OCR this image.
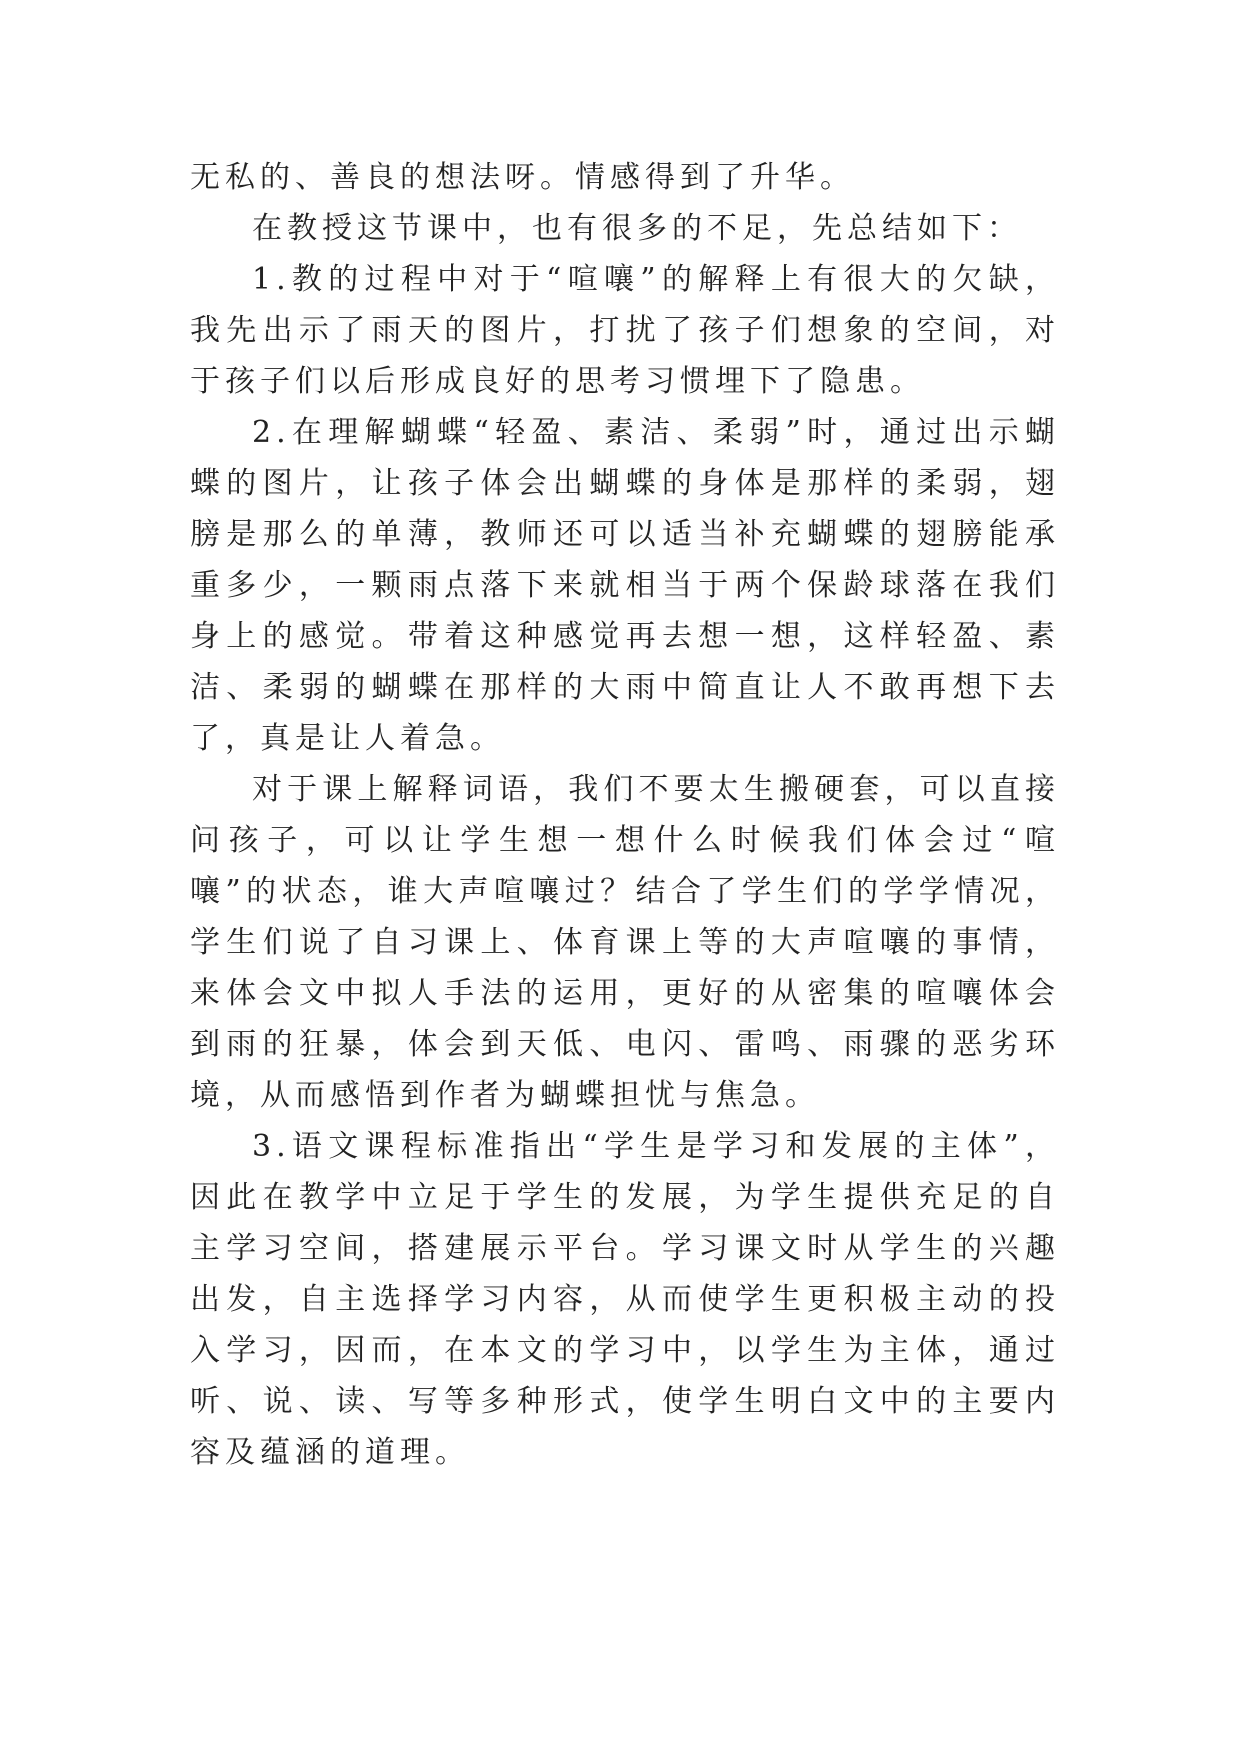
无私的、善良的想法呀。情感得到了升华。

在教授这节课中，也有很多的不足，先总结如下：

1.教的过程中对于“喧嚷”的解释上有很大的欠缺，我先出示了雨天的图片，打扰了孩子们想象的空间，对于孩子们以后形成良好的思考习惯埋下了隐患。

2.在理解蝴蝶“轻盈、素洁、柔弱”时，通过出示蝴蝶的图片，让孩子体会出蝴蝶的身体是那样的柔弱，翅膀是那么的单薄，教师还可以适当补充蝴蝶的翅膀能承重多少，一颗雨点落下来就相当于两个保龄球落在我们身上的感觉。带着这种感觉再去想一想，这样轻盈、素洁、柔弱的蝴蝶在那样的大雨中简直让人不敢再想下去了，真是让人着急。

对于课上解释词语，我们不要太生搬硬套，可以直接问孩子，可以让学生想一想什么时候我们体会过“喧嚷”的状态，谁大声喧嚷过？结合了学生们的学学情况，学生们说了自习课上、体育课上等的大声喧嚷的事情，来体会文中拟人手法的运用，更好的从密集的喧嚷体会到雨的狂暴，体会到天低、电闪、雷鸣、雨骤的恶劣环境，从而感悟到作者为蝴蝶担忧与焦急。

3.语文课程标准指出“学生是学习和发展的主体”，因此在教学中立足于学生的发展，为学生提供充足的自主学习空间，搭建展示平台。学习课文时从学生的兴趣出发，自主选择学习内容，从而使学生更积极主动的投入学习，因而，在本文的学习中，以学生为主体，通过听、说、读、写等多种形式，使学生明白文中的主要内容及蕴涵的道理。
